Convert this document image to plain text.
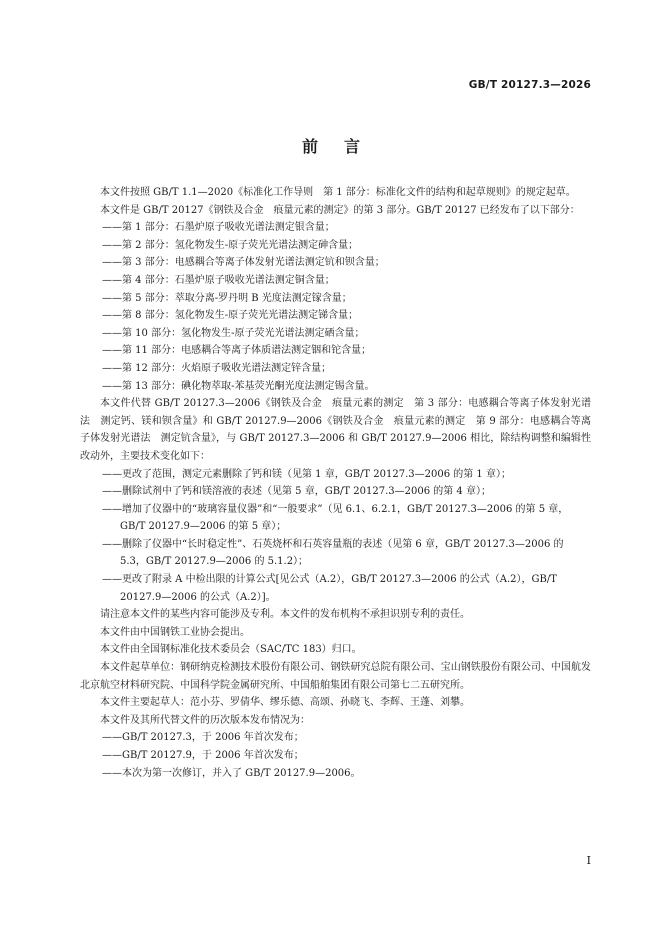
GB/T 20127.3—2026
前言

本文件按照 GB/T 1.1—2020《标准化工作导则　第 1 部分：标准化文件的结构和起草规则》的规定起草。

本文件是 GB/T 20127《钢铁及合金　痕量元素的测定》的第 3 部分。GB/T 20127 已经发布了以下部分：

——第 1 部分：石墨炉原子吸收光谱法测定银含量；

——第 2 部分：氢化物发生-原子荧光光谱法测定砷含量；

——第 3 部分：电感耦合等离子体发射光谱法测定钪和钡含量；

——第 4 部分：石墨炉原子吸收光谱法测定铜含量；

——第 5 部分：萃取分离-罗丹明 B 光度法测定镓含量；

——第 8 部分：氢化物发生-原子荧光光谱法测定锑含量；

——第 10 部分：氢化物发生-原子荧光光谱法测定硒含量；

——第 11 部分：电感耦合等离子体质谱法测定铟和铊含量；

——第 12 部分：火焰原子吸收光谱法测定锌含量；

——第 13 部分：碘化物萃取-苯基荧光酮光度法测定锡含量。

本文件代替 GB/T 20127.3—2006《钢铁及合金　痕量元素的测定　第 3 部分：电感耦合等离子体发射光谱法　测定钙、镁和钡含量》和 GB/T 20127.9—2006《钢铁及合金　痕量元素的测定　第 9 部分：电感耦合等离子体发射光谱法　测定钪含量》，与 GB/T 20127.3—2006 和 GB/T 20127.9—2006 相比，除结构调整和编辑性改动外，主要技术变化如下：

——更改了范围，测定元素删除了钙和镁（见第 1 章，GB/T 20127.3—2006 的第 1 章）；

——删除试剂中了钙和镁溶液的表述（见第 5 章，GB/T 20127.3—2006 的第 4 章）；

——增加了仪器中的“玻璃容量仪器”和“一般要求”（见 6.1、6.2.1，GB/T 20127.3—2006 的第 5 章，GB/T 20127.9—2006 的第 5 章）；

——删除了仪器中“长时稳定性”、石英烧杯和石英容量瓶的表述（见第 6 章，GB/T 20127.3—2006 的 5.3，GB/T 20127.9—2006 的 5.1.2）；

——更改了附录 A 中检出限的计算公式[见公式（A.2），GB/T 20127.3—2006 的公式（A.2），GB/T 20127.9—2006 的公式（A.2）]。

请注意本文件的某些内容可能涉及专利。本文件的发布机构不承担识别专利的责任。

本文件由中国钢铁工业协会提出。

本文件由全国钢标准化技术委员会（SAC/TC 183）归口。

本文件起草单位：钢研纳克检测技术股份有限公司、钢铁研究总院有限公司、宝山钢铁股份有限公司、中国航发北京航空材料研究院、中国科学院金属研究所、中国船舶集团有限公司第七二五研究所。

本文件主要起草人：范小芬、罗倩华、缪乐德、高颂、孙晓飞、李辉、王蓬、刘攀。

本文件及其所代替文件的历次版本发布情况为：

——GB/T 20127.3，于 2006 年首次发布；

——GB/T 20127.9，于 2006 年首次发布；

——本次为第一次修订，并入了 GB/T 20127.9—2006。

I
